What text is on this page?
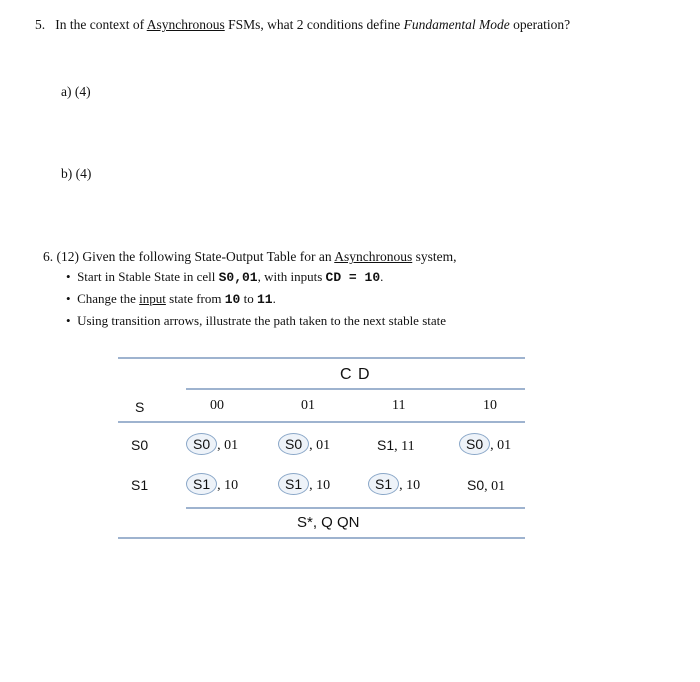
5. In the context of Asynchronous FSMs, what 2 conditions define Fundamental Mode operation?
a) (4)
b) (4)
6. (12) Given the following State-Output Table for an Asynchronous system,
• Start in Stable State in cell S0,01, with inputs CD = 10.
• Change the input state from 10 to 11.
• Using transition arrows, illustrate the path taken to the next stable state
C D
S	00	01	11	10
S0	S0 , 01	S0 , 01	S1, 11	S0 , 01
S1	S1 , 10	S1 , 10	S1 , 10	S0, 01
S*, Q QN
